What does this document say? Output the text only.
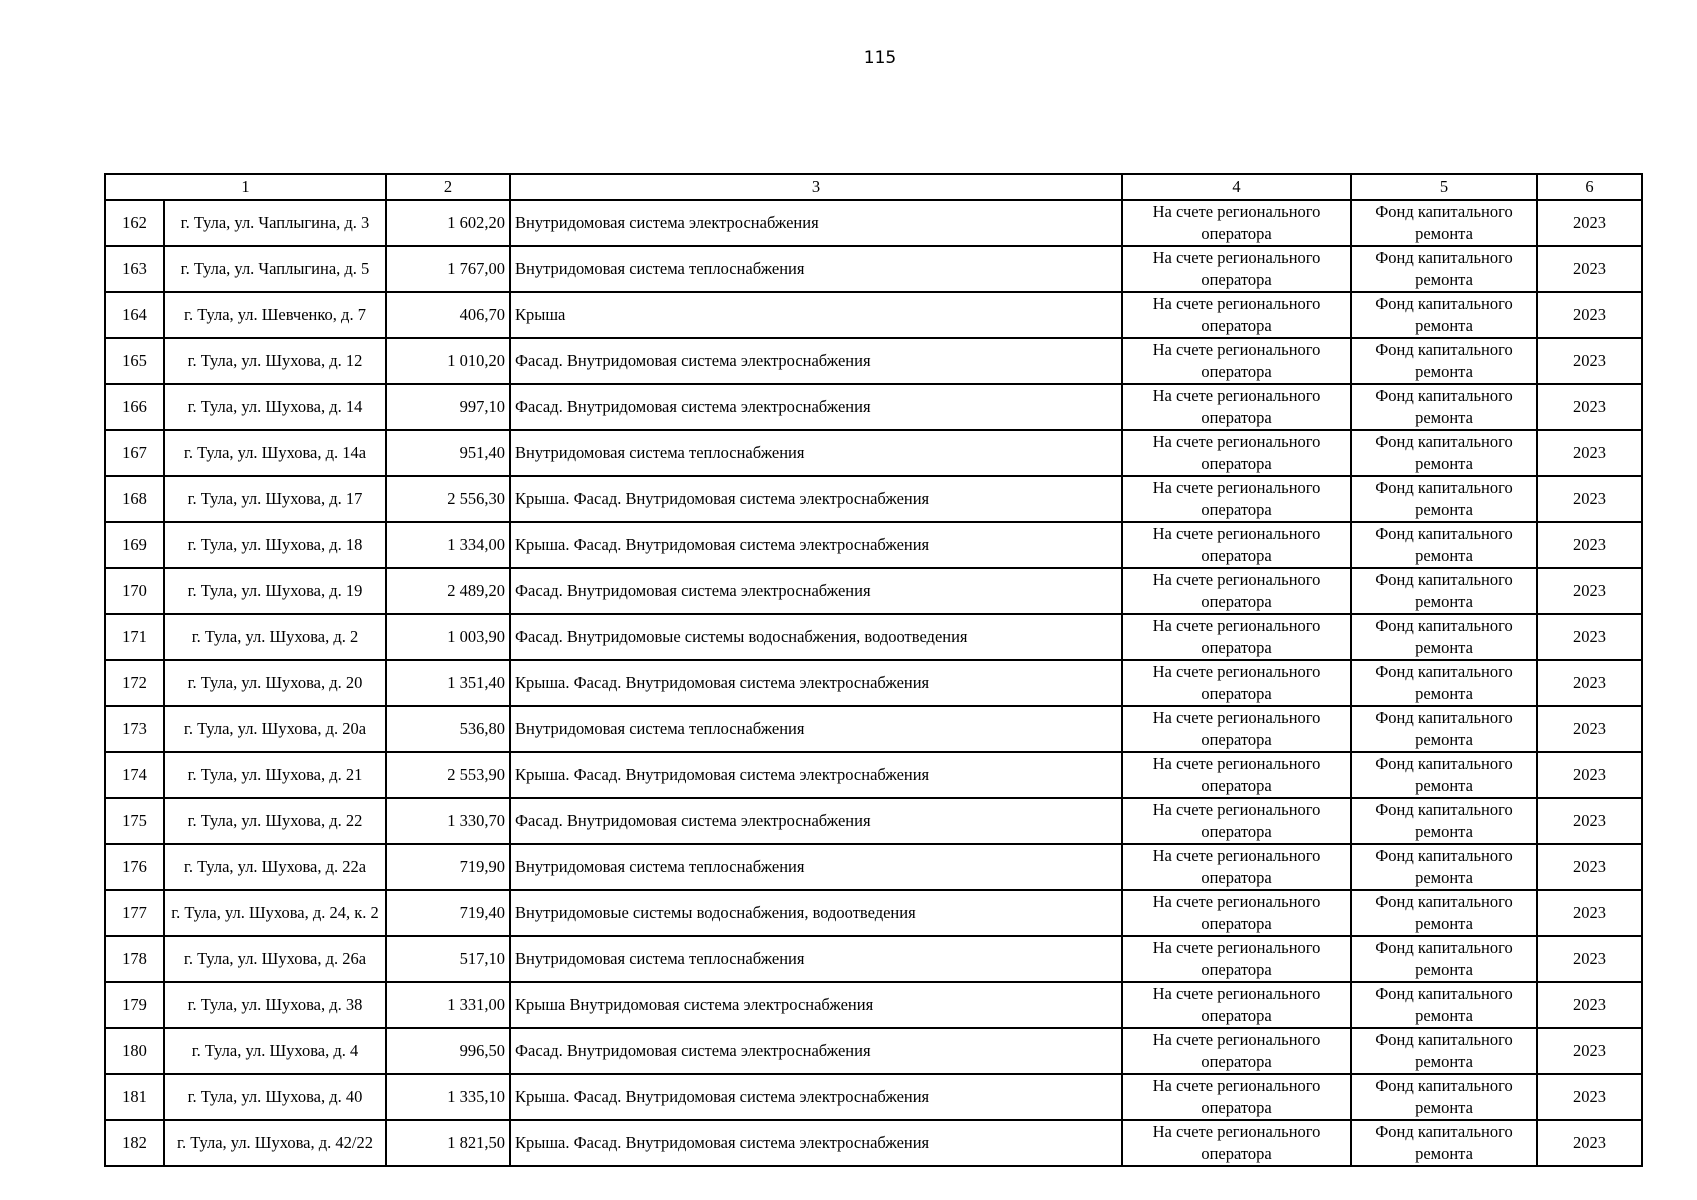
115
1		2	3	4	5	6
162	г. Тула, ул. Чаплыгина, д. 3	1 602,20	Внутридомовая система электроснабжения	На счете регионального оператора	Фонд капитального ремонта	2023
163	г. Тула, ул. Чаплыгина, д. 5	1 767,00	Внутридомовая система теплоснабжения	На счете регионального оператора	Фонд капитального ремонта	2023
164	г. Тула, ул. Шевченко, д. 7	406,70	Крыша	На счете регионального оператора	Фонд капитального ремонта	2023
165	г. Тула, ул. Шухова, д. 12	1 010,20	Фасад. Внутридомовая система электроснабжения	На счете регионального оператора	Фонд капитального ремонта	2023
166	г. Тула, ул. Шухова, д. 14	997,10	Фасад. Внутридомовая система электроснабжения	На счете регионального оператора	Фонд капитального ремонта	2023
167	г. Тула, ул. Шухова, д. 14а	951,40	Внутридомовая система теплоснабжения	На счете регионального оператора	Фонд капитального ремонта	2023
168	г. Тула, ул. Шухова, д. 17	2 556,30	Крыша. Фасад. Внутридомовая система электроснабжения	На счете регионального оператора	Фонд капитального ремонта	2023
169	г. Тула, ул. Шухова, д. 18	1 334,00	Крыша. Фасад. Внутридомовая система электроснабжения	На счете регионального оператора	Фонд капитального ремонта	2023
170	г. Тула, ул. Шухова, д. 19	2 489,20	Фасад. Внутридомовая система электроснабжения	На счете регионального оператора	Фонд капитального ремонта	2023
171	г. Тула, ул. Шухова, д. 2	1 003,90	Фасад. Внутридомовые системы водоснабжения, водоотведения	На счете регионального оператора	Фонд капитального ремонта	2023
172	г. Тула, ул. Шухова, д. 20	1 351,40	Крыша. Фасад. Внутридомовая система электроснабжения	На счете регионального оператора	Фонд капитального ремонта	2023
173	г. Тула, ул. Шухова, д. 20а	536,80	Внутридомовая система теплоснабжения	На счете регионального оператора	Фонд капитального ремонта	2023
174	г. Тула, ул. Шухова, д. 21	2 553,90	Крыша. Фасад. Внутридомовая система электроснабжения	На счете регионального оператора	Фонд капитального ремонта	2023
175	г. Тула, ул. Шухова, д. 22	1 330,70	Фасад. Внутридомовая система электроснабжения	На счете регионального оператора	Фонд капитального ремонта	2023
176	г. Тула, ул. Шухова, д. 22а	719,90	Внутридомовая система теплоснабжения	На счете регионального оператора	Фонд капитального ремонта	2023
177	г. Тула, ул. Шухова, д. 24, к. 2	719,40	Внутридомовые системы водоснабжения, водоотведения	На счете регионального оператора	Фонд капитального ремонта	2023
178	г. Тула, ул. Шухова, д. 26а	517,10	Внутридомовая система теплоснабжения	На счете регионального оператора	Фонд капитального ремонта	2023
179	г. Тула, ул. Шухова, д. 38	1 331,00	Крыша Внутридомовая система электроснабжения	На счете регионального оператора	Фонд капитального ремонта	2023
180	г. Тула, ул. Шухова, д. 4	996,50	Фасад. Внутридомовая система электроснабжения	На счете регионального оператора	Фонд капитального ремонта	2023
181	г. Тула, ул. Шухова, д. 40	1 335,10	Крыша. Фасад. Внутридомовая система электроснабжения	На счете регионального оператора	Фонд капитального ремонта	2023
182	г. Тула, ул. Шухова, д. 42/22	1 821,50	Крыша. Фасад. Внутридомовая система электроснабжения	На счете регионального оператора	Фонд капитального ремонта	2023
